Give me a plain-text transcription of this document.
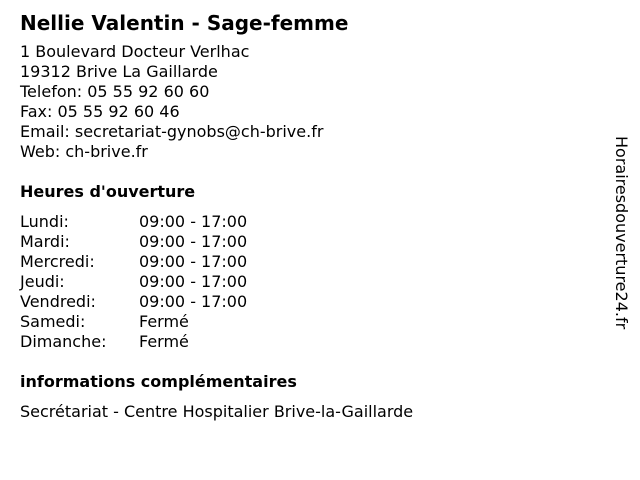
Nellie Valentin - Sage-femme
1 Boulevard Docteur Verlhac
19312 Brive La Gaillarde
Telefon: 05 55 92 60 60
Fax: 05 55 92 60 46
Email: secretariat-gynobs@ch-brive.fr
Web: ch-brive.fr
Heures d'ouverture
Lundi:	09:00 - 17:00
Mardi:	09:00 - 17:00
Mercredi:	09:00 - 17:00
Jeudi:	09:00 - 17:00
Vendredi:	09:00 - 17:00
Samedi:	Fermé
Dimanche:	Fermé
informations complémentaires
Secrétariat - Centre Hospitalier Brive-la-Gaillarde
Horairesdouverture24.fr
